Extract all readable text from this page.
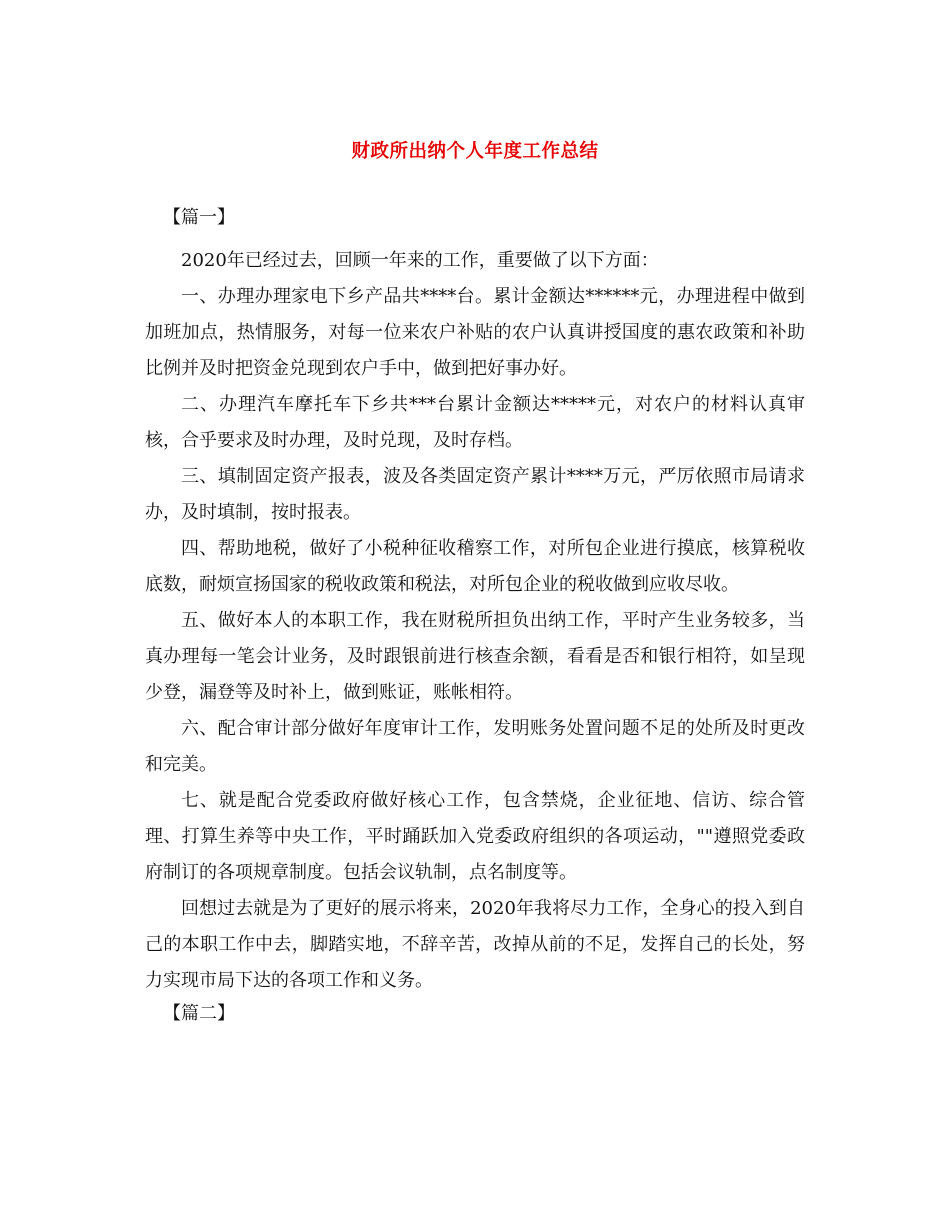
财政所出纳个人年度工作总结

【篇一】

2020年已经过去，回顾一年来的工作，重要做了以下方面：

一、办理办理家电下乡产品共****台。累计金额达******元，办理进程中做到加班加点，热情服务，对每一位来农户补贴的农户认真讲授国度的惠农政策和补助比例并及时把资金兑现到农户手中，做到把好事办好。

二、办理汽车摩托车下乡共***台累计金额达*****元，对农户的材料认真审核，合乎要求及时办理，及时兑现，及时存档。

三、填制固定资产报表，波及各类固定资产累计****万元，严厉依照市局请求办，及时填制，按时报表。

四、帮助地税，做好了小税种征收稽察工作，对所包企业进行摸底，核算税收底数，耐烦宣扬国家的税收政策和税法，对所包企业的税收做到应收尽收。

五、做好本人的本职工作，我在财税所担负出纳工作，平时产生业务较多，当真办理每一笔会计业务，及时跟银前进行核查余额，看看是否和银行相符，如呈现少登，漏登等及时补上，做到账证，账帐相符。

六、配合审计部分做好年度审计工作，发明账务处置问题不足的处所及时更改和完美。

七、就是配合党委政府做好核心工作，包含禁烧，企业征地、信访、综合管理、打算生养等中央工作，平时踊跃加入党委政府组织的各项运动，""遵照党委政府制订的各项规章制度。包括会议轨制，点名制度等。

回想过去就是为了更好的展示将来，2020年我将尽力工作，全身心的投入到自己的本职工作中去，脚踏实地，不辞辛苦，改掉从前的不足，发挥自己的长处，努力实现市局下达的各项工作和义务。

【篇二】
